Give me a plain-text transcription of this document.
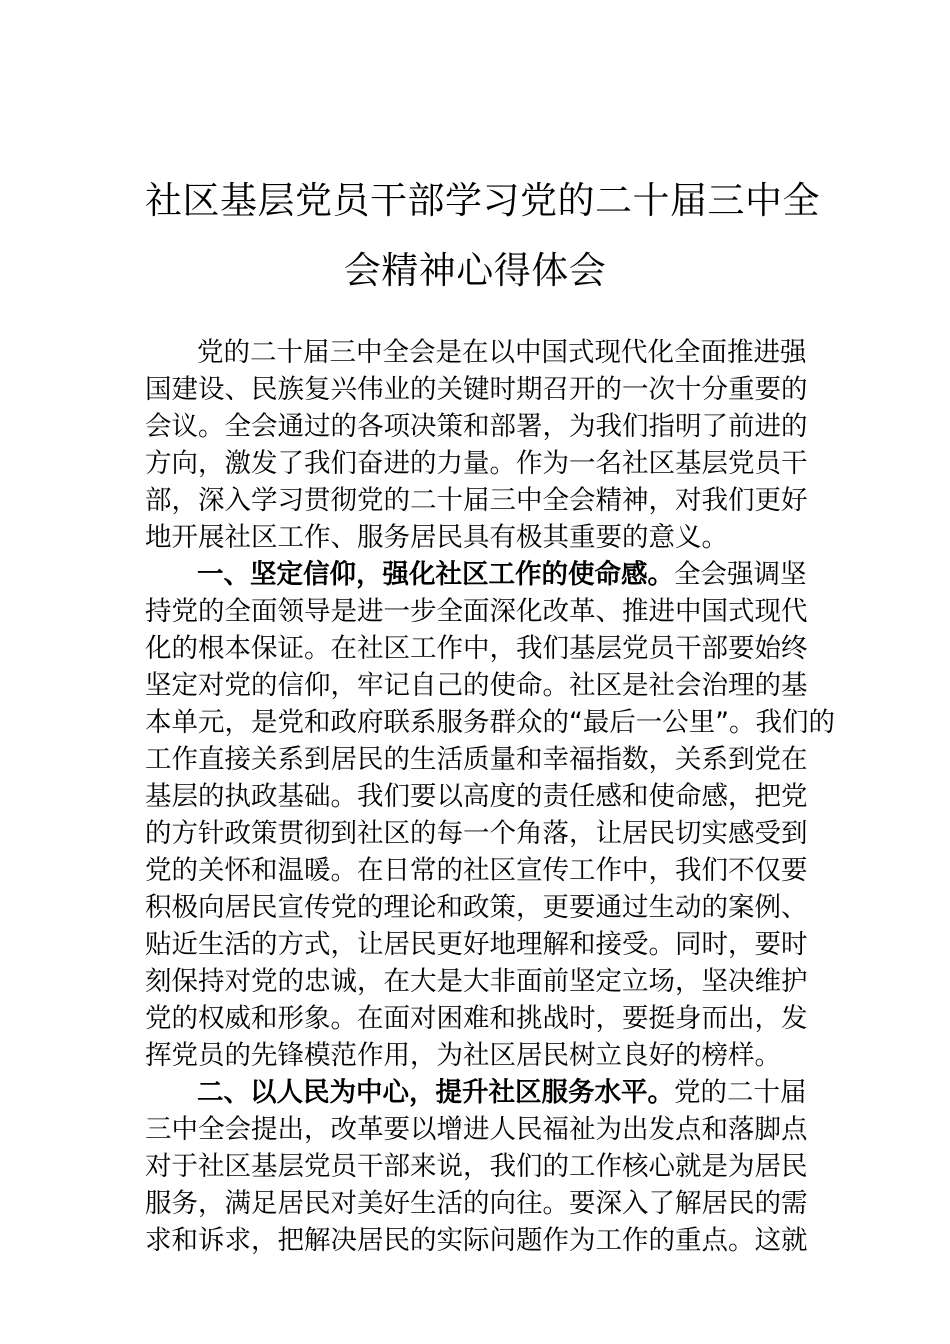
社区基层党员干部学习党的二十届三中全
会精神心得体会
党的二十届三中全会是在以中国式现代化全面推进强
国建设、民族复兴伟业的关键时期召开的一次十分重要的
会议。全会通过的各项决策和部署，为我们指明了前进的
方向，激发了我们奋进的力量。作为一名社区基层党员干
部，深入学习贯彻党的二十届三中全会精神，对我们更好
地开展社区工作、服务居民具有极其重要的意义。
一、坚定信仰，强化社区工作的使命感。全会强调坚
持党的全面领导是进一步全面深化改革、推进中国式现代
化的根本保证。在社区工作中，我们基层党员干部要始终
坚定对党的信仰，牢记自己的使命。社区是社会治理的基
本单元，是党和政府联系服务群众的“最后一公里”。我们的
工作直接关系到居民的生活质量和幸福指数，关系到党在
基层的执政基础。我们要以高度的责任感和使命感，把党
的方针政策贯彻到社区的每一个角落，让居民切实感受到
党的关怀和温暖。在日常的社区宣传工作中，我们不仅要
积极向居民宣传党的理论和政策，更要通过生动的案例、
贴近生活的方式，让居民更好地理解和接受。同时，要时
刻保持对党的忠诚，在大是大非面前坚定立场，坚决维护
党的权威和形象。在面对困难和挑战时，要挺身而出，发
挥党员的先锋模范作用，为社区居民树立良好的榜样。
二、以人民为中心，提升社区服务水平。党的二十届
三中全会提出，改革要以增进人民福祉为出发点和落脚点
对于社区基层党员干部来说，我们的工作核心就是为居民
服务，满足居民对美好生活的向往。要深入了解居民的需
求和诉求，把解决居民的实际问题作为工作的重点。这就
